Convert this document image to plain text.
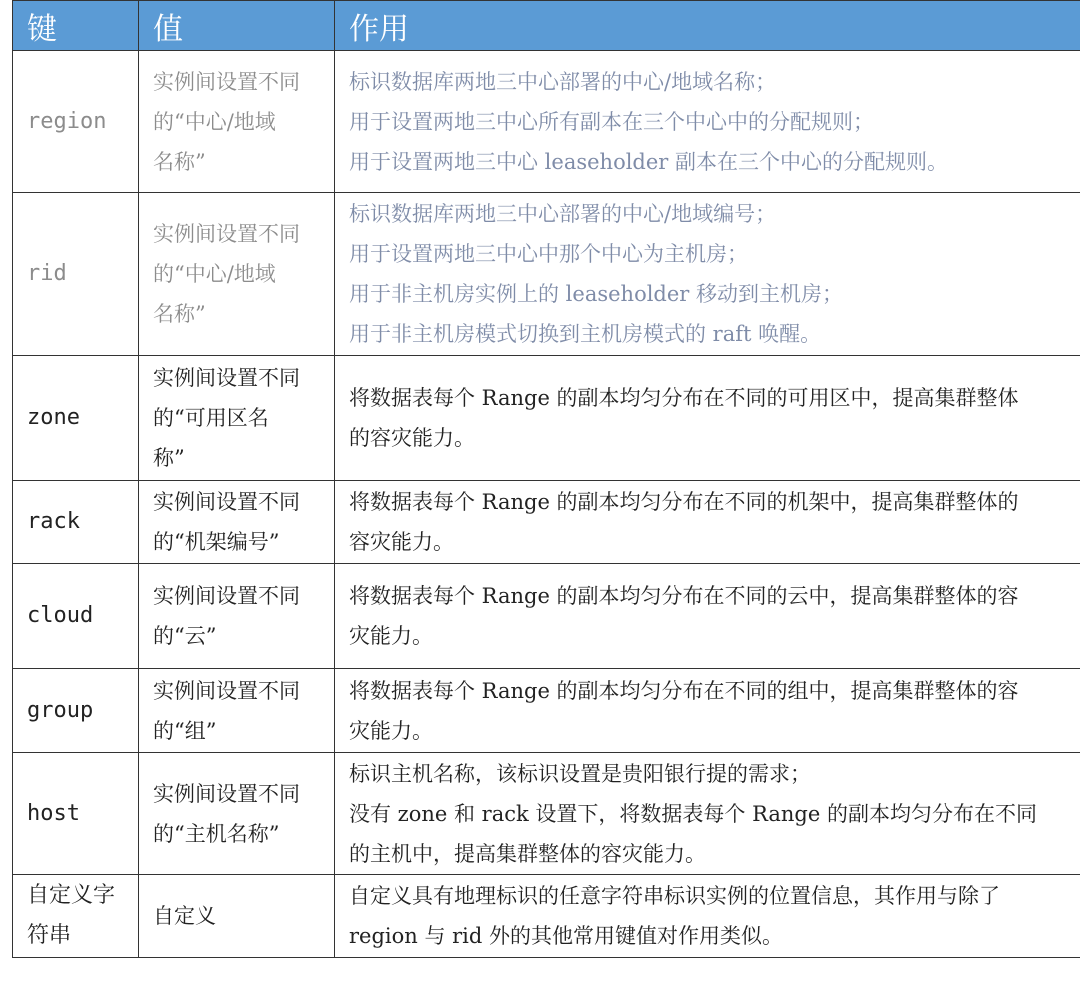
键	值	作用

region	实例间设置不同
的“中心/地域
名称”	标识数据库两地三中心部署的中心/地域名称；
用于设置两地三中心所有副本在三个中心中的分配规则；
用于设置两地三中心 leaseholder 副本在三个中心的分配规则。

rid	实例间设置不同
的“中心/地域
名称”	标识数据库两地三中心部署的中心/地域编号；
用于设置两地三中心中那个中心为主机房；
用于非主机房实例上的 leaseholder 移动到主机房；
用于非主机房模式切换到主机房模式的 raft 唤醒。

zone	实例间设置不同
的“可用区名
称”	将数据表每个 Range 的副本均匀分布在不同的可用区中，提高集群整体
的容灾能力。

rack	实例间设置不同
的“机架编号”	将数据表每个 Range 的副本均匀分布在不同的机架中，提高集群整体的
容灾能力。

cloud	实例间设置不同
的“云”	将数据表每个 Range 的副本均匀分布在不同的云中，提高集群整体的容
灾能力。

group	实例间设置不同
的“组”	将数据表每个 Range 的副本均匀分布在不同的组中，提高集群整体的容
灾能力。

host	实例间设置不同
的“主机名称”	标识主机名称，该标识设置是贵阳银行提的需求；
没有 zone 和 rack 设置下，将数据表每个 Range 的副本均匀分布在不同
的主机中，提高集群整体的容灾能力。

自定义字
符串	自定义	自定义具有地理标识的任意字符串标识实例的位置信息，其作用与除了
region 与 rid 外的其他常用键值对作用类似。
